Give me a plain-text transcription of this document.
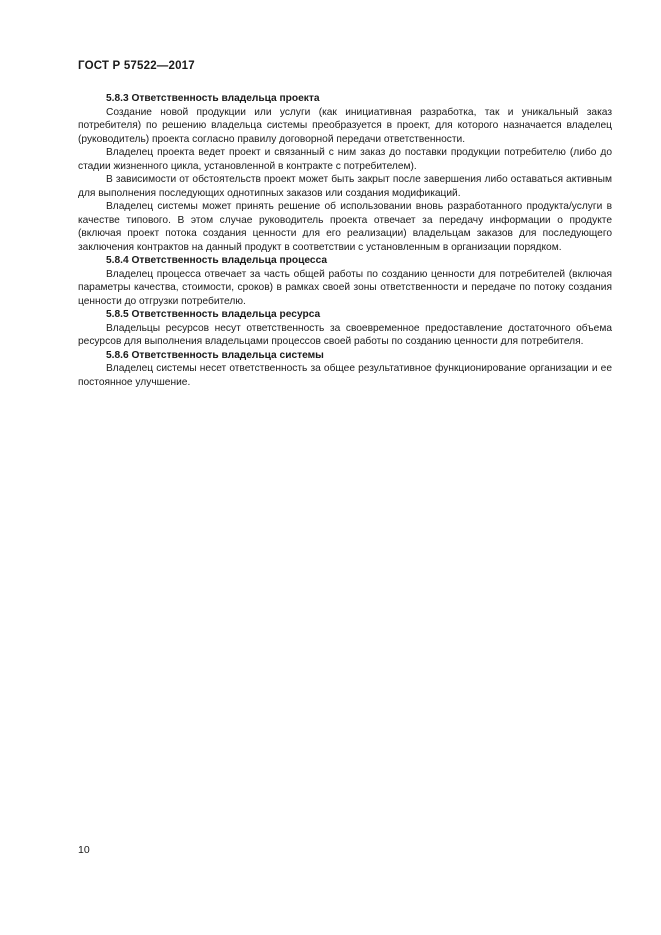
ГОСТ Р 57522—2017
5.8.3 Ответственность владельца проекта

Создание новой продукции или услуги (как инициативная разработка, так и уникальный заказ потребителя) по решению владельца системы преобразуется в проект, для которого назначается владелец (руководитель) проекта согласно правилу договорной передачи ответственности.

Владелец проекта ведет проект и связанный с ним заказ до поставки продукции потребителю (либо до стадии жизненного цикла, установленной в контракте с потребителем).

В зависимости от обстоятельств проект может быть закрыт после завершения либо оставаться активным для выполнения последующих однотипных заказов или создания модификаций.

Владелец системы может принять решение об использовании вновь разработанного продукта/услуги в качестве типового. В этом случае руководитель проекта отвечает за передачу информации о продукте (включая проект потока создания ценности для его реализации) владельцам заказов для последующего заключения контрактов на данный продукт в соответствии с установленным в организации порядком.

5.8.4 Ответственность владельца процесса

Владелец процесса отвечает за часть общей работы по созданию ценности для потребителей (включая параметры качества, стоимости, сроков) в рамках своей зоны ответственности и передаче по потоку создания ценности до отгрузки потребителю.

5.8.5 Ответственность владельца ресурса

Владельцы ресурсов несут ответственность за своевременное предоставление достаточного объема ресурсов для выполнения владельцами процессов своей работы по созданию ценности для потребителя.

5.8.6 Ответственность владельца системы

Владелец системы несет ответственность за общее результативное функционирование организации и ее постоянное улучшение.

10
